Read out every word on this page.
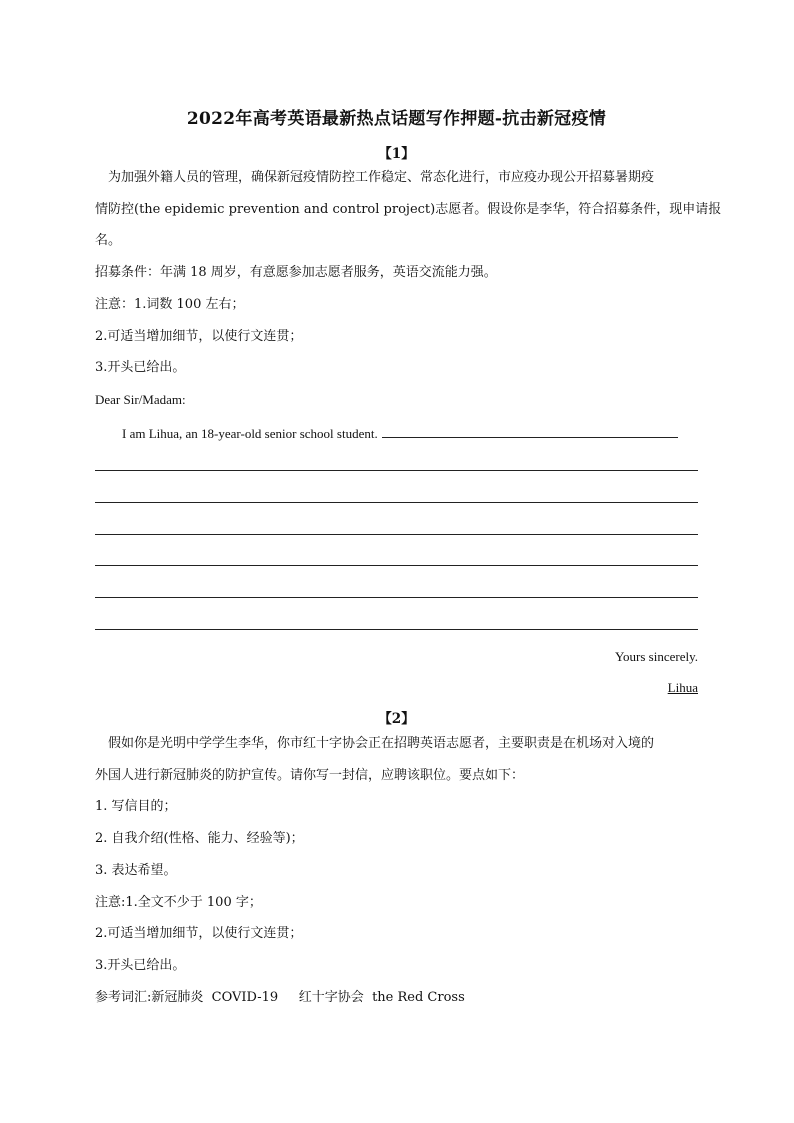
2022年高考英语最新热点话题写作押题-抗击新冠疫情
【1】
为加强外籍人员的管理，确保新冠疫情防控工作稳定、常态化进行，市应疫办现公开招募暑期疫
情防控(the epidemic prevention and control project)志愿者。假设你是李华，符合招募条件，现申请报
名。
招募条件：年满 18 周岁，有意愿参加志愿者服务，英语交流能力强。
注意：1.词数 100 左右；
2.可适当增加细节，以使行文连贯；
3.开头已给出。
Dear Sir/Madam:
I am Lihua, an 18-year-old senior school student.
Yours sincerely.
Lihua
【2】
假如你是光明中学学生李华，你市红十字协会正在招聘英语志愿者，主要职责是在机场对入境的
外国人进行新冠肺炎的防护宣传。请你写一封信，应聘该职位。要点如下：
1. 写信目的；
2. 自我介绍(性格、能力、经验等)；
3. 表达希望。
注意:1.全文不少于 100 字；
2.可适当增加细节，以使行文连贯；
3.开头已给出。
参考词汇:新冠肺炎  COVID-19     红十字协会  the Red Cross
